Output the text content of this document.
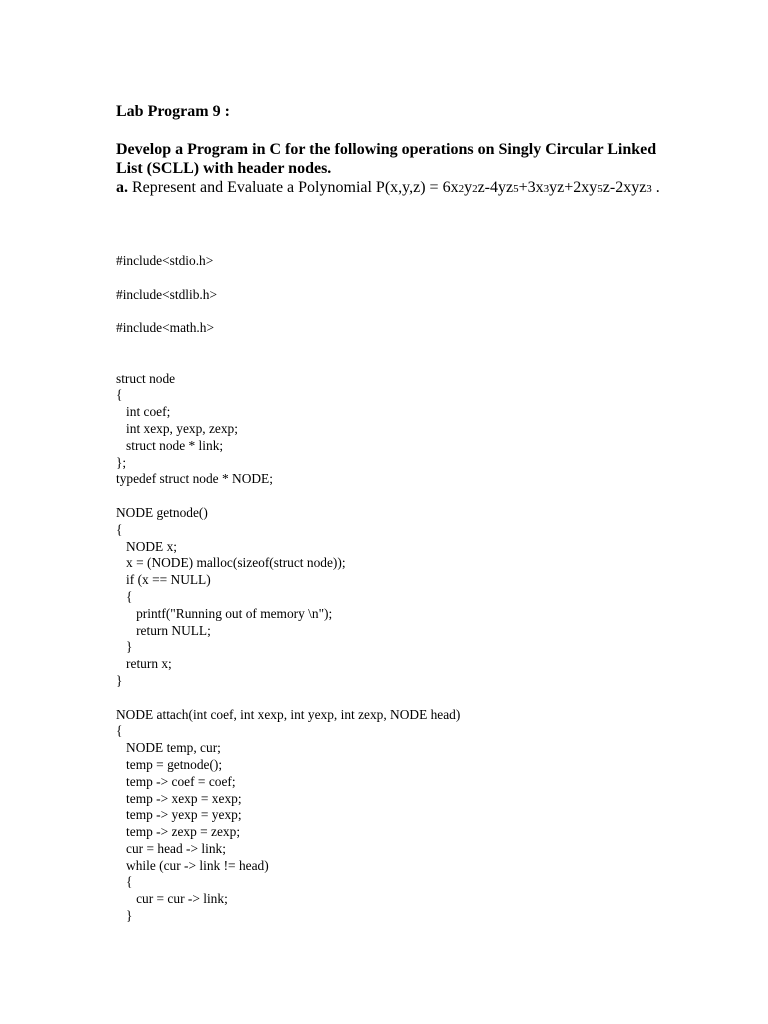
Lab Program 9 :
Develop a Program in C for the following operations on Singly Circular Linked List (SCLL) with header nodes.
a. Represent and Evaluate a Polynomial P(x,y,z) = 6x2y2z-4yz5+3x3yz+2xy5z-2xyz3 .
#include<stdio.h>
#include<stdlib.h>
#include<math.h>
struct node
{
int coef;
int xexp, yexp, zexp;
struct node * link;
};
typedef struct node * NODE;
NODE getnode()
{
NODE x;
x = (NODE) malloc(sizeof(struct node));
if (x == NULL)
{
printf("Running out of memory \n");
return NULL;
}
return x;
}
NODE attach(int coef, int xexp, int yexp, int zexp, NODE head)
{
NODE temp, cur;
temp = getnode();
temp -> coef = coef;
temp -> xexp = xexp;
temp -> yexp = yexp;
temp -> zexp = zexp;
cur = head -> link;
while (cur -> link != head)
{
cur = cur -> link;
}
